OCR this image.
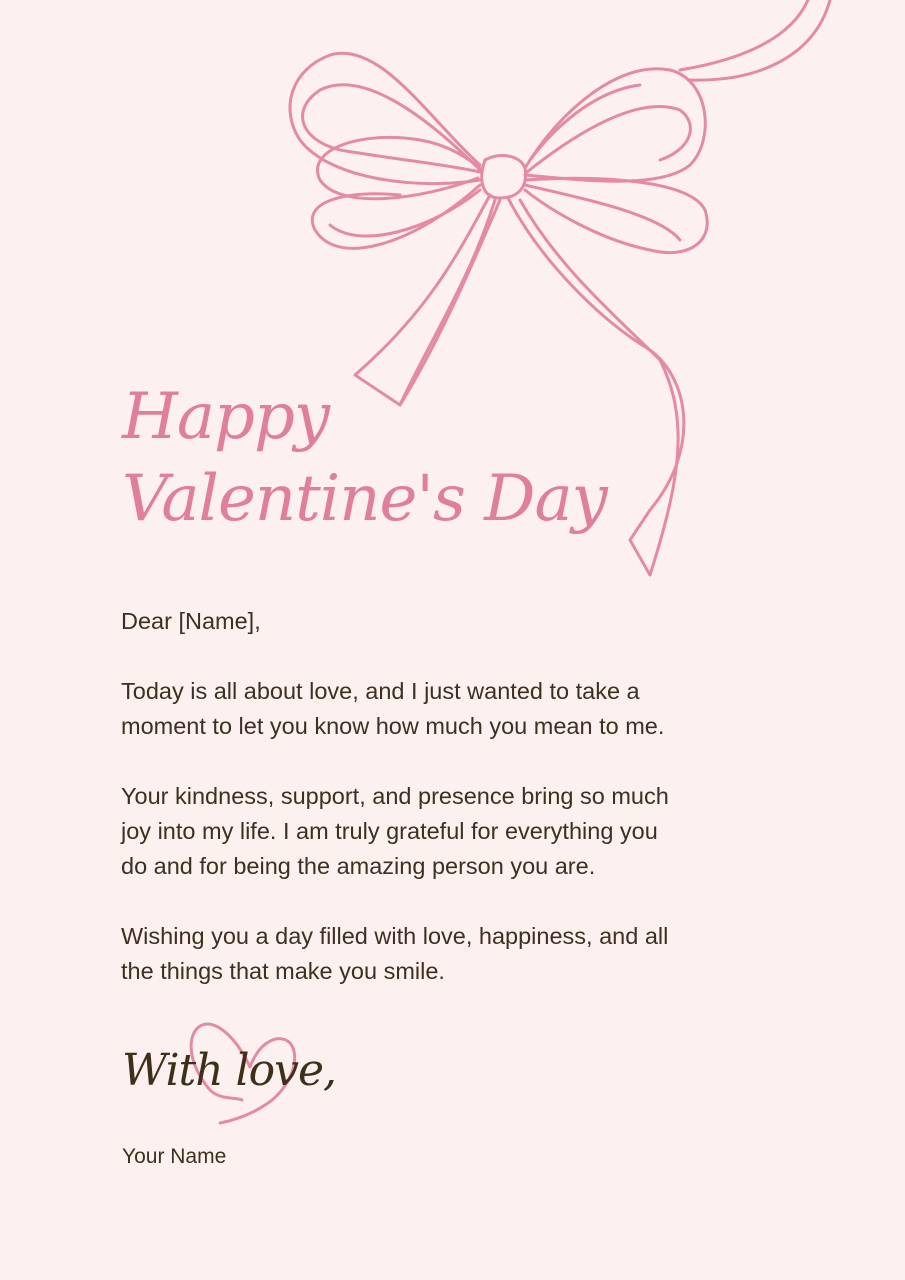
Happy
Valentine's Day
Dear [Name],
Today is all about love, and I just wanted to take a
moment to let you know how much you mean to me.
Your kindness, support, and presence bring so much
joy into my life. I am truly grateful for everything you
do and for being the amazing person you are.
Wishing you a day filled with love, happiness, and all
the things that make you smile.
With love,
Your Name
